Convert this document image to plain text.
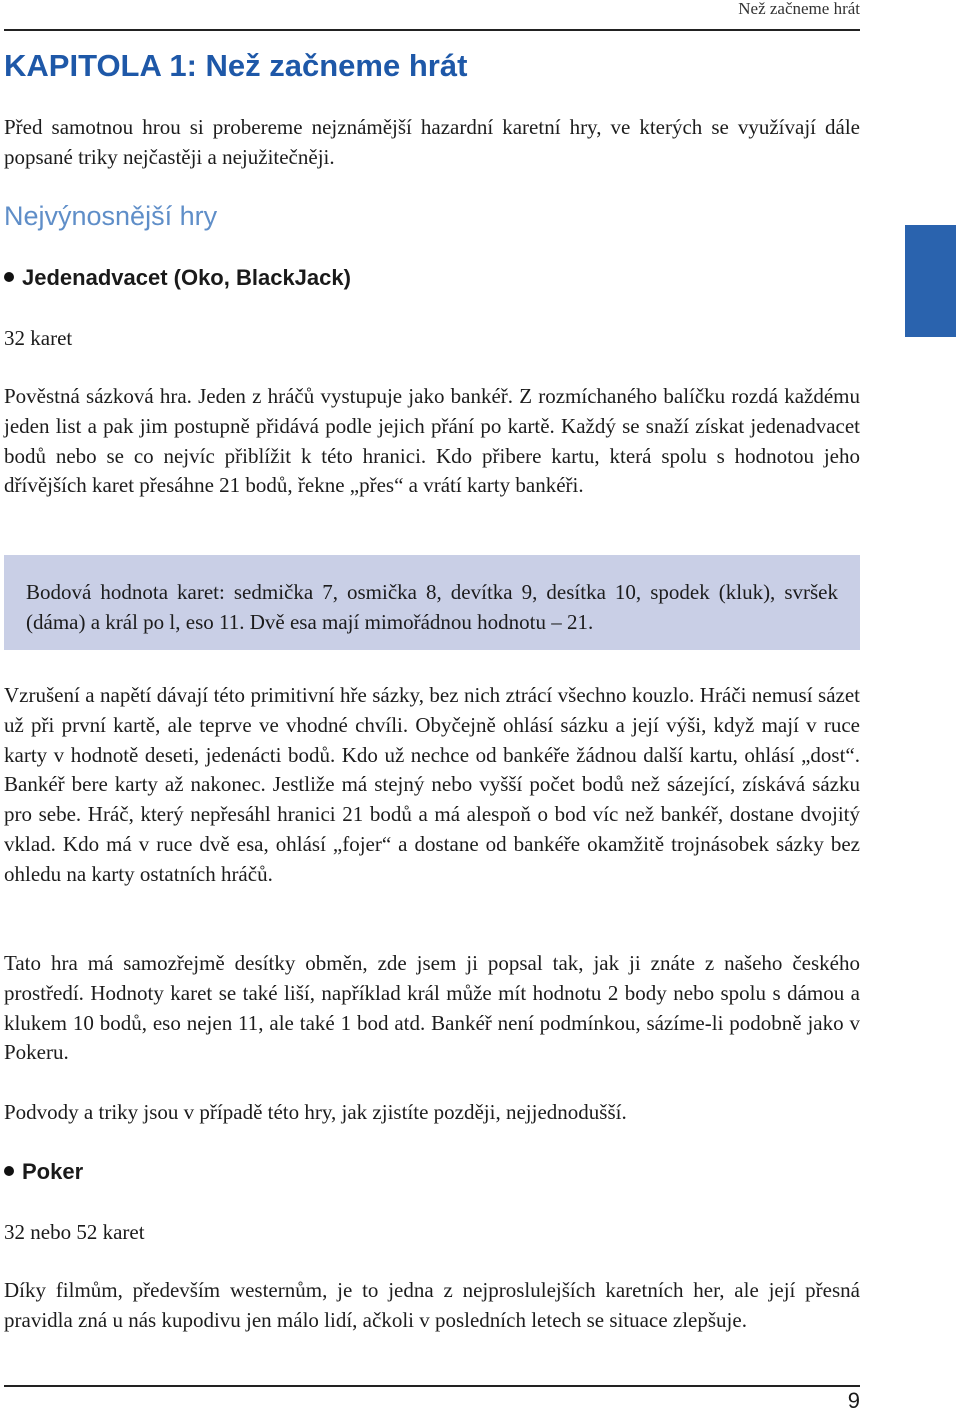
Než začneme hrát
KAPITOLA 1: Než začneme hrát

Před samotnou hrou si probereme nejznámější hazardní karetní hry, ve kterých se využívají dále popsané triky nejčastěji a nejužitečněji.

Nejvýnosnější hry
Jedenadvacet (Oko, BlackJack)

32 karet

Pověstná sázková hra. Jeden z hráčů vystupuje jako bankéř. Z rozmíchaného balíčku rozdá každému jeden list a pak jim postupně přidává podle jejich přání po kartě. Každý se snaží získat jedenadvacet bodů nebo se co nejvíc přiblížit k této hranici. Kdo přibere kartu, která spolu s hodnotou jeho dřívějších karet přesáhne 21 bodů, řekne „přes“ a vrátí karty bankéři.

Bodová hodnota karet: sedmička 7, osmička 8, devítka 9, desítka 10, spodek (kluk), svršek (dáma) a král po l, eso 11. Dvě esa mají mimořádnou hodnotu – 21.

Vzrušení a napětí dávají této primitivní hře sázky, bez nich ztrácí všechno kouzlo. Hráči nemusí sázet už při první kartě, ale teprve ve vhodné chvíli. Obyčejně ohlásí sázku a její výši, když mají v ruce karty v hodnotě deseti, jedenácti bodů. Kdo už nechce od bankéře žádnou další kartu, ohlásí „dost“. Bankéř bere karty až nakonec. Jestliže má stejný nebo vyšší počet bodů než sázející, získává sázku pro sebe. Hráč, který nepřesáhl hranici 21 bodů a má alespoň o bod víc než bankéř, dostane dvojitý vklad. Kdo má v ruce dvě esa, ohlásí „fojer“ a dostane od bankéře okamžitě trojnásobek sázky bez ohledu na karty ostatních hráčů.

Tato hra má samozřejmě desítky obměn, zde jsem ji popsal tak, jak ji znáte z našeho českého prostředí. Hodnoty karet se také liší, například král může mít hodnotu 2 body nebo spolu s dámou a klukem 10 bodů, eso nejen 11, ale také 1 bod atd. Bankéř není podmínkou, sázíme-li podobně jako v Pokeru.

Podvody a triky jsou v případě této hry, jak zjistíte později, nejjednodušší.

Poker

32 nebo 52 karet

Díky filmům, především westernům, je to jedna z nejproslulejších karetních her, ale její přesná pravidla zná u nás kupodivu jen málo lidí, ačkoli v posledních letech se situace zlepšuje.

9
